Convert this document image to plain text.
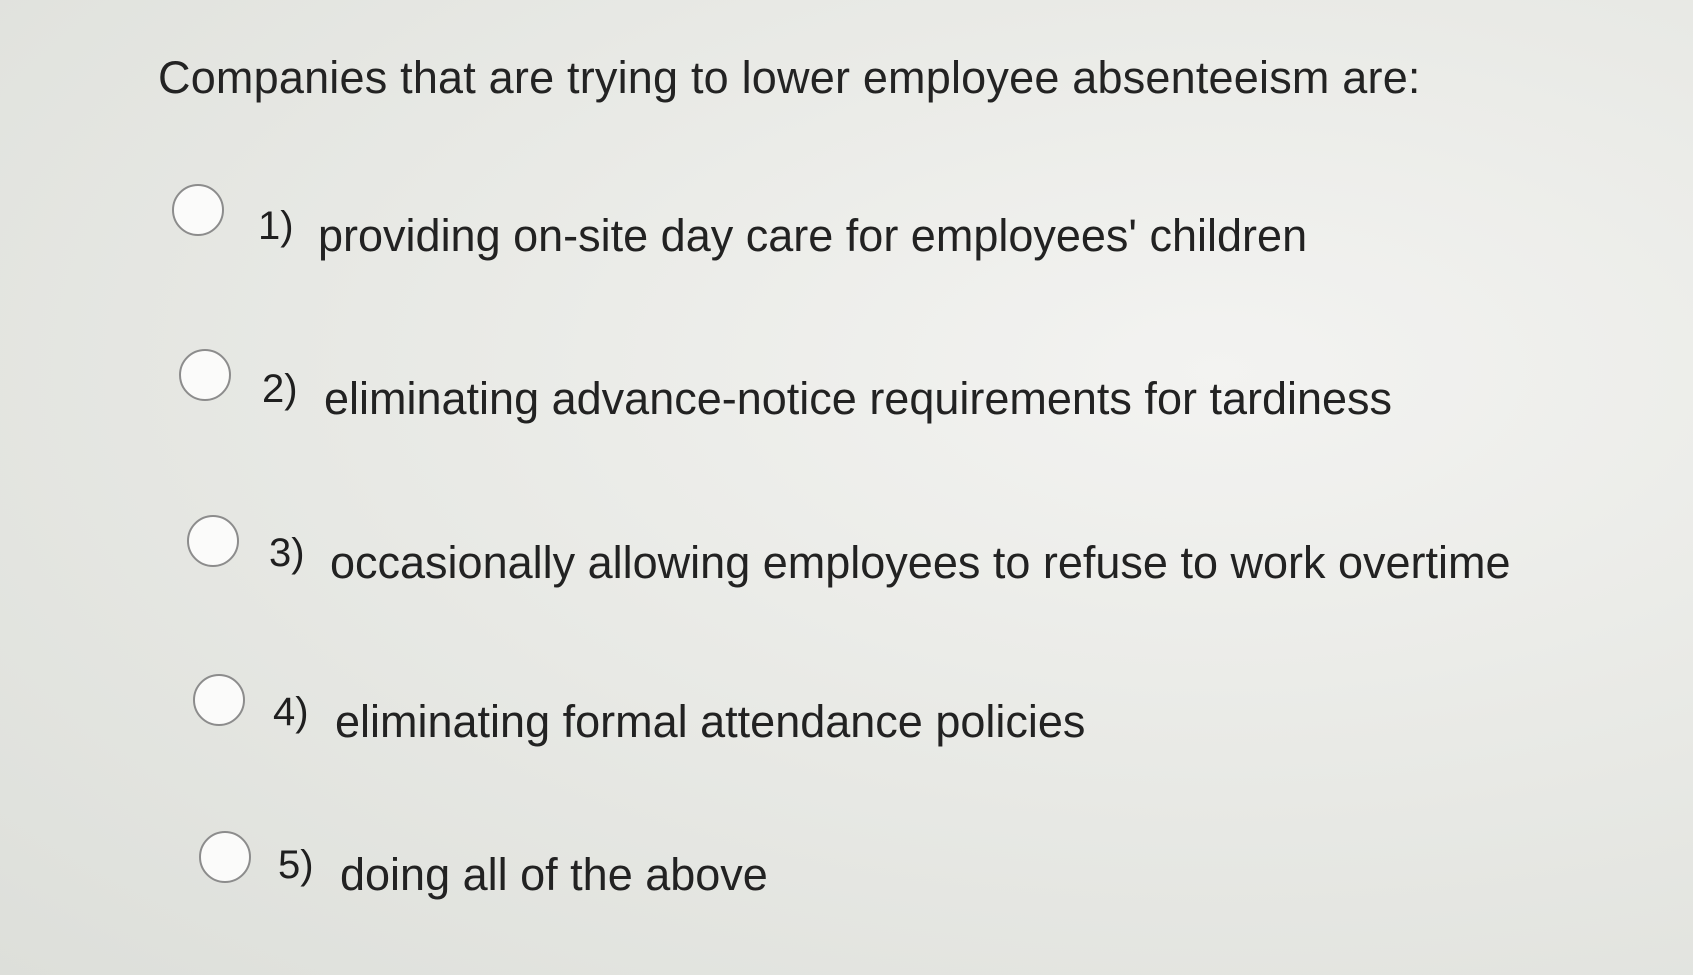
Companies that are trying to lower employee absenteeism are:
1) providing on-site day care for employees' children
2) eliminating advance-notice requirements for tardiness
3) occasionally allowing employees to refuse to work overtime
4) eliminating formal attendance policies
5) doing all of the above
